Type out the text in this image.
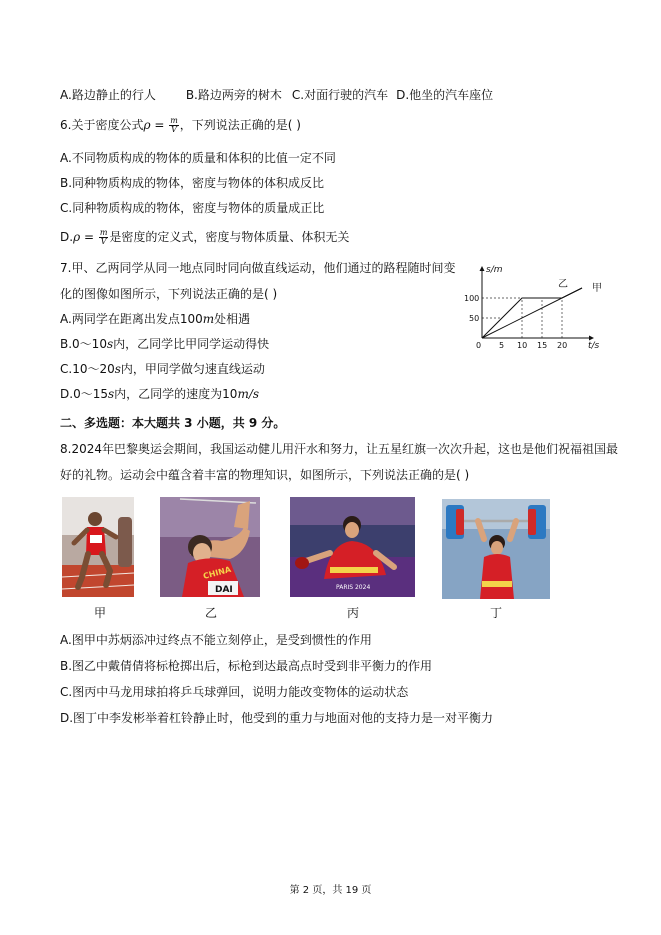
A.路边静止的行人	B.路边两旁的树木 C.对面行驶的汽车 D.他坐的汽车座位
6.关于密度公式$\rho = \frac{m}{V}$ ，下列说法正确的是( )
A.不同物质构成的物体的质量和体积的比值一定不同
B.同种物质构成的物体，密度与物体的体积成反比
C.同种物质构成的物体，密度与物体的质量成正比
$D.\rho = \frac{m}{V}$ 是密度的定义式，密度与物体质量、体积无关
7.甲、乙两同学从同一地点同时同向做直线运动，他们通过的路程随时间变
化的图像如图所示，下列说法正确的是( )
A.两同学在距离出发点100m处相遇
B.0～10s内，乙同学比甲同学运动得快
C.10～20s内，甲同学做匀速直线运动
D.0～15s内，乙同学的速度为10m/s
乙 甲
0 5 10 15 20
50
100
t/s
s/m
二、多选题：本大题共 3 小题，共 9 分。
8.2024年巴黎奥运会期间，我国运动健儿用汗水和努力，让五星红旗一次次升起，这也是他们祝福祖国最
好的礼物。运动会中蕴含着丰富的物理知识，如图所示，下列说法正确的是( )
CHINA
DAI	PARIS 2024
甲	乙	丙	丁
A.图甲中苏炳添冲过终点不能立刻停止，是受到惯性的作用
B.图乙中戴倩倩将标枪掷出后，标枪到达最高点时受到非平衡力的作用
C.图丙中马龙用球拍将乒乓球弹回，说明力能改变物体的运动状态
D.图丁中李发彬举着杠铃静止时，他受到的重力与地面对他的支持力是一对平衡力
第 2 页，共 19 页
